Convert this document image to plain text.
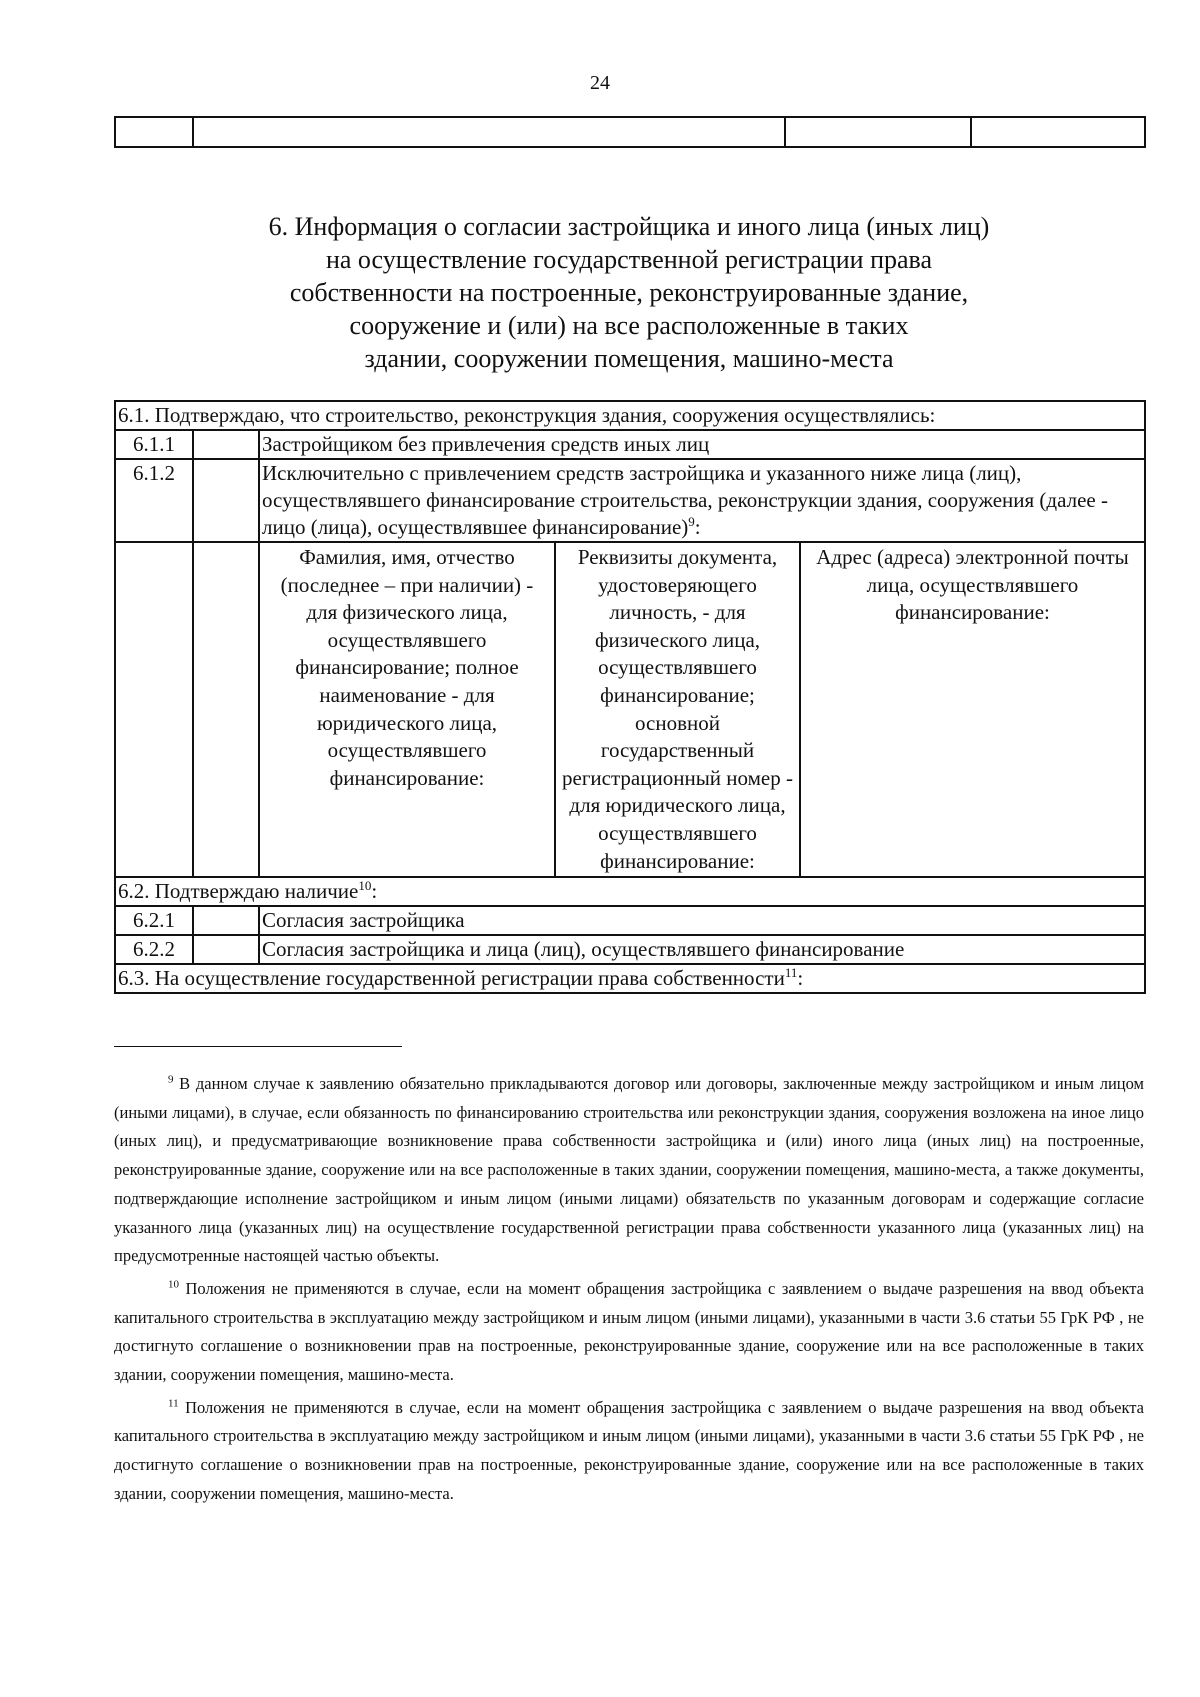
24

6. Информация о согласии застройщика и иного лица (иных лиц)
на осуществление государственной регистрации права
собственности на построенные, реконструированные здание,
сооружение и (или) на все расположенные в таких
здании, сооружении помещения, машино-места
6.1. Подтверждаю, что строительство, реконструкция здания, сооружения осуществлялись:				
6.1.1		Застройщиком без привлечения средств иных лиц		
6.1.2		Исключительно с привлечением средств застройщика и указанного ниже лица (лиц), осуществлявшего финансирование строительства, реконструкции здания, сооружения (далее - лицо (лица), осуществлявшее финансирование)$^9$:		
		Фамилия, имя, отчество (последнее – при наличии) - для физического лица, осуществлявшего финансирование; полное наименование - для юридического лица, осуществлявшего финансирование:	Реквизиты документа, удостоверяющего личность, - для физического лица, осуществлявшего финансирование; основной государственный регистрационный номер - для юридического лица, осуществлявшего финансирование:	Адрес (адреса) электронной почты лица, осуществлявшего финансирование:
6.2. Подтверждаю наличие$^{10}$:				
6.2.1		Согласия застройщика		
6.2.2		Согласия застройщика и лица (лиц), осуществлявшего финансирование		
6.3. На осуществление государственной регистрации права собственности$^{11}$:				

$^9$ В данном случае к заявлению обязательно прикладываются договор или договоры, заключенные между застройщиком и иным лицом (иными лицами), в случае, если обязанность по финансированию строительства или реконструкции здания, сооружения возложена на иное лицо (иных лиц), и предусматривающие возникновение права собственности застройщика и (или) иного лица (иных лиц) на построенные, реконструированные здание, сооружение или на все расположенные в таких здании, сооружении помещения, машино-места, а также документы, подтверждающие исполнение застройщиком и иным лицом (иными лицами) обязательств по указанным договорам и содержащие согласие указанного лица (указанных лиц) на осуществление государственной регистрации права собственности указанного лица (указанных лиц) на предусмотренные настоящей частью объекты.

$^{10}$ Положения не применяются в случае, если на момент обращения застройщика с заявлением о выдаче разрешения на ввод объекта капитального строительства в эксплуатацию между застройщиком и иным лицом (иными лицами), указанными в части 3.6 статьи 55 ГрК РФ , не достигнуто соглашение о возникновении прав на построенные, реконструированные здание, сооружение или на все расположенные в таких здании, сооружении помещения, машино-места.

$^{11}$ Положения не применяются в случае, если на момент обращения застройщика с заявлением о выдаче разрешения на ввод объекта капитального строительства в эксплуатацию между застройщиком и иным лицом (иными лицами), указанными в части 3.6 статьи 55 ГрК РФ , не достигнуто соглашение о возникновении прав на построенные, реконструированные здание, сооружение или на все расположенные в таких здании, сооружении помещения, машино-места.
